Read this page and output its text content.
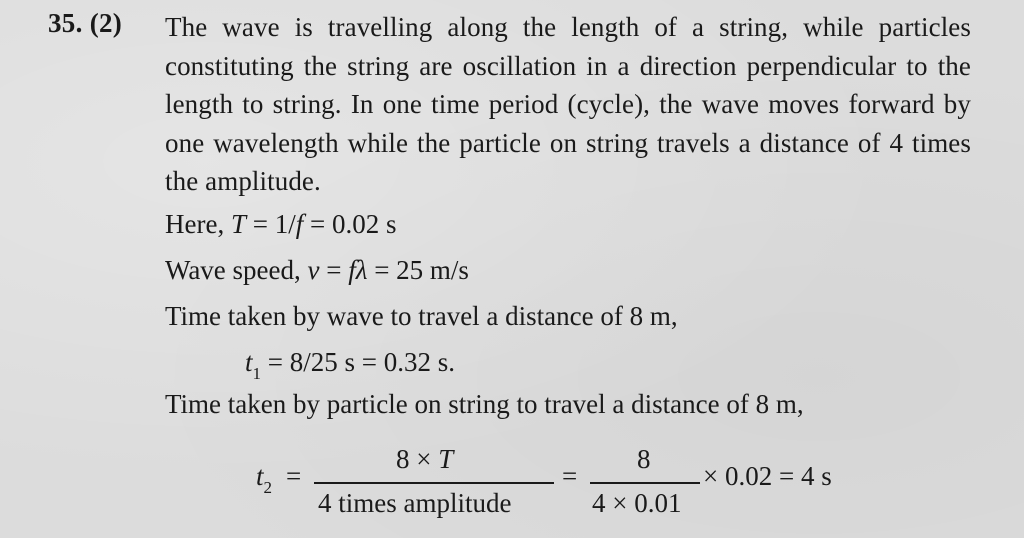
35. (2) The wave is travelling along the length of a string, while particles constituting the string are oscillation in a direction perpendicular to the length to string. In one time period (cycle), the wave moves forward by one wavelength while the particle on string travels a distance of 4 times the amplitude.

Here, T = 1/f = 0.02 s
Wave speed, v = fλ = 25 m/s
Time taken by wave to travel a distance of 8 m,
$t_1 = 8/25$ s = 0.32 s.
Time taken by particle on string to travel a distance of 8 m,
$t_2$ =
8 × T
4 times amplitude
=
8
4 × 0.01
× 0.02 = 4 s
